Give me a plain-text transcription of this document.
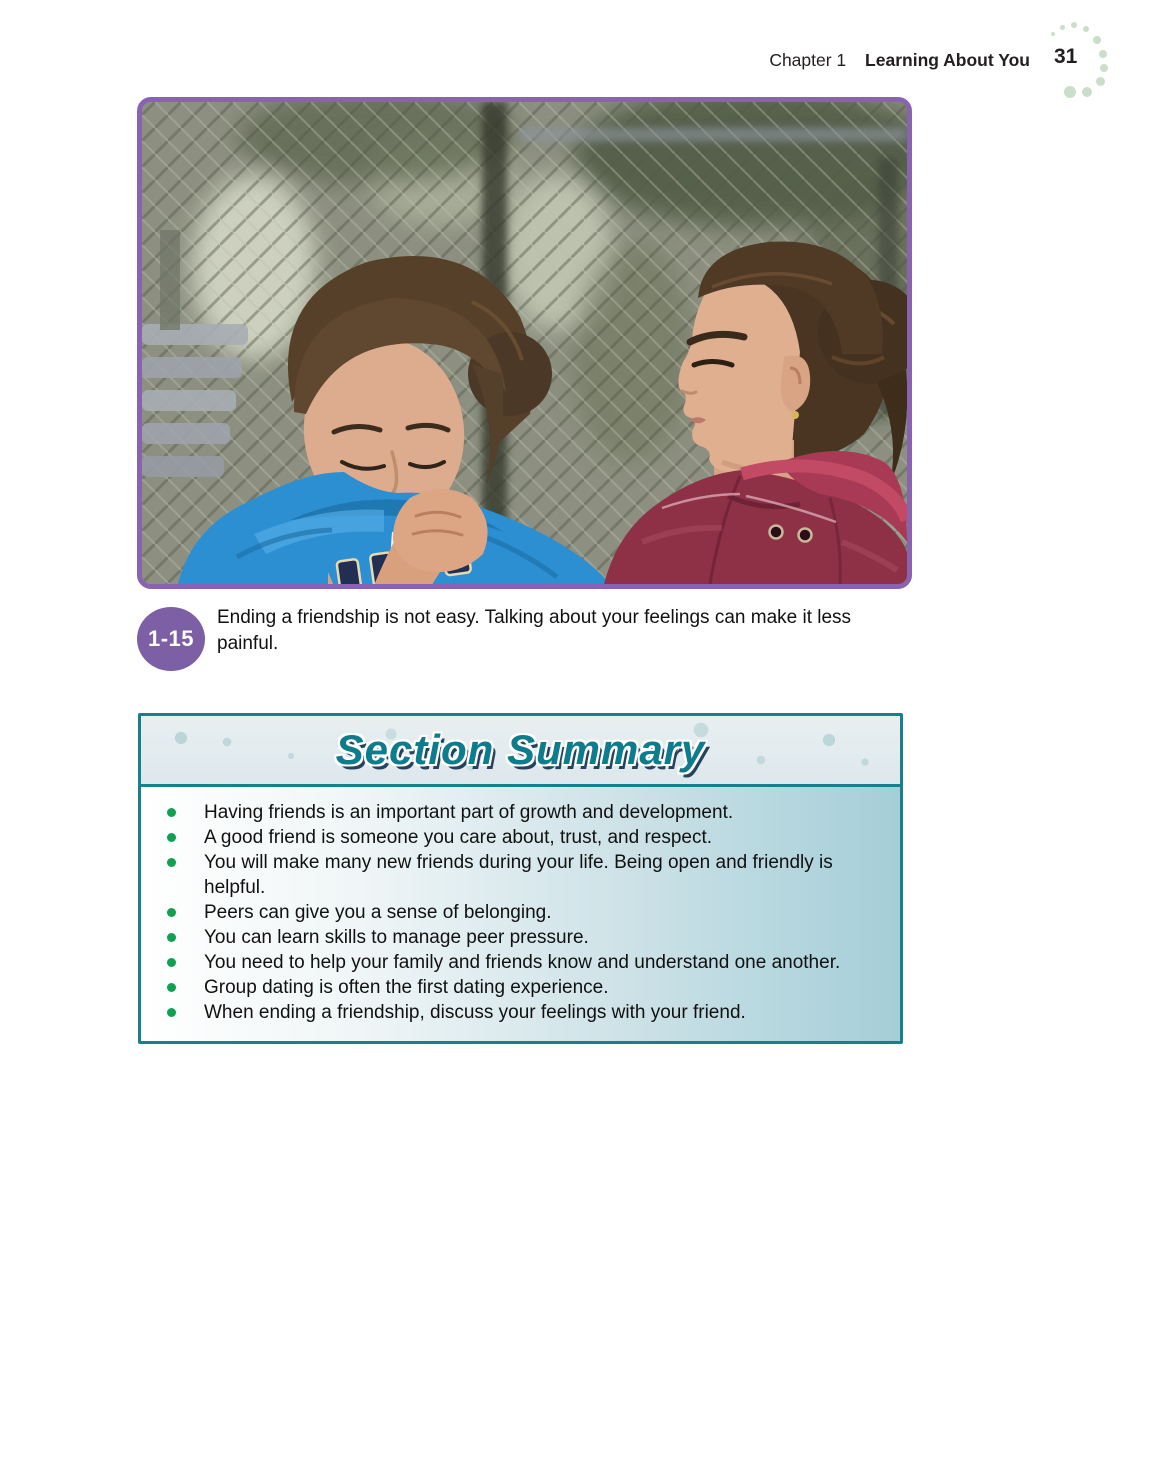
Chapter 1 Learning About You 31
1-15
Ending a friendship is not easy. Talking about your feelings can make it less painful.
Section Summary
Having friends is an important part of growth and development.
A good friend is someone you care about, trust, and respect.
You will make many new friends during your life. Being open and friendly is helpful.
Peers can give you a sense of belonging.
You can learn skills to manage peer pressure.
You need to help your family and friends know and understand one another.
Group dating is often the first dating experience.
When ending a friendship, discuss your feelings with your friend.
